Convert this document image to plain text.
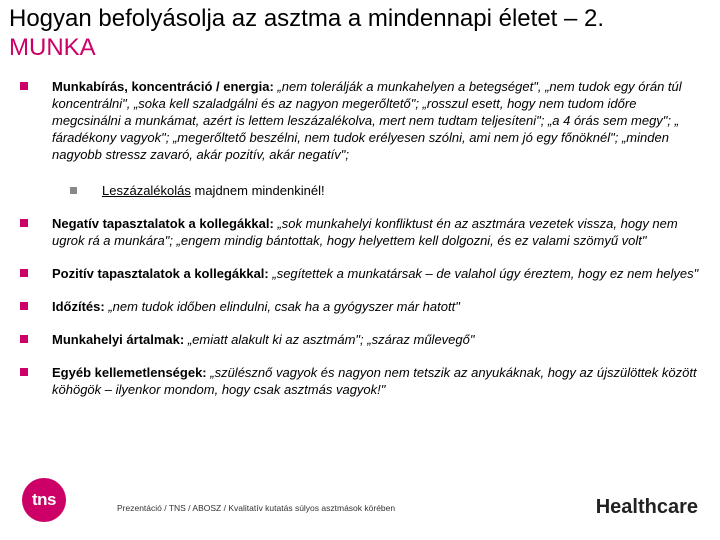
Hogyan befolyásolja az asztma a mindennapi életet – 2.
MUNKA
Munkabírás, koncentráció / energia: „nem tolerálják a munkahelyen a betegséget", „nem tudok egy órán túl koncentrálni", „soka kell szaladgálni és az nagyon megerőltető"; „rosszul esett, hogy nem tudom időre megcsinálni a munkámat, azért is lettem leszázalékolva, mert nem tudtam teljesíteni"; „a 4 órás sem megy"; „ fáradékony vagyok"; „megerőltető beszélni, nem tudok erélyesen szólni, ami nem jó egy főnöknél"; „minden nagyobb stressz zavaró, akár pozitív, akár negatív";
Leszázalékolás majdnem mindenkinél!
Negatív tapasztalatok a kollegákkal: „sok munkahelyi konfliktust én az asztmára vezetek vissza, hogy nem ugrok rá a munkára"; „engem mindig bántottak, hogy helyettem kell dolgozni, és ez valami szömyű volt"
Pozitív tapasztalatok a kollegákkal: „segítettek a munkatársak – de valahol úgy éreztem, hogy ez nem helyes"
Időzítés: „nem tudok időben elindulni, csak ha a gyógyszer már hatott"
Munkahelyi ártalmak: „emiatt alakult ki az asztmám"; „száraz műlevegő"
Egyéb kellemetlenségek: „szülésznő vagyok és nagyon nem tetszik az anyukáknak, hogy az újszülöttek között köhögök – ilyenkor mondom, hogy csak asztmás vagyok!"
tns	Prezentáció / TNS / ABOSZ / Kvalitatív kutatás súlyos asztmások körében	Healthcare
